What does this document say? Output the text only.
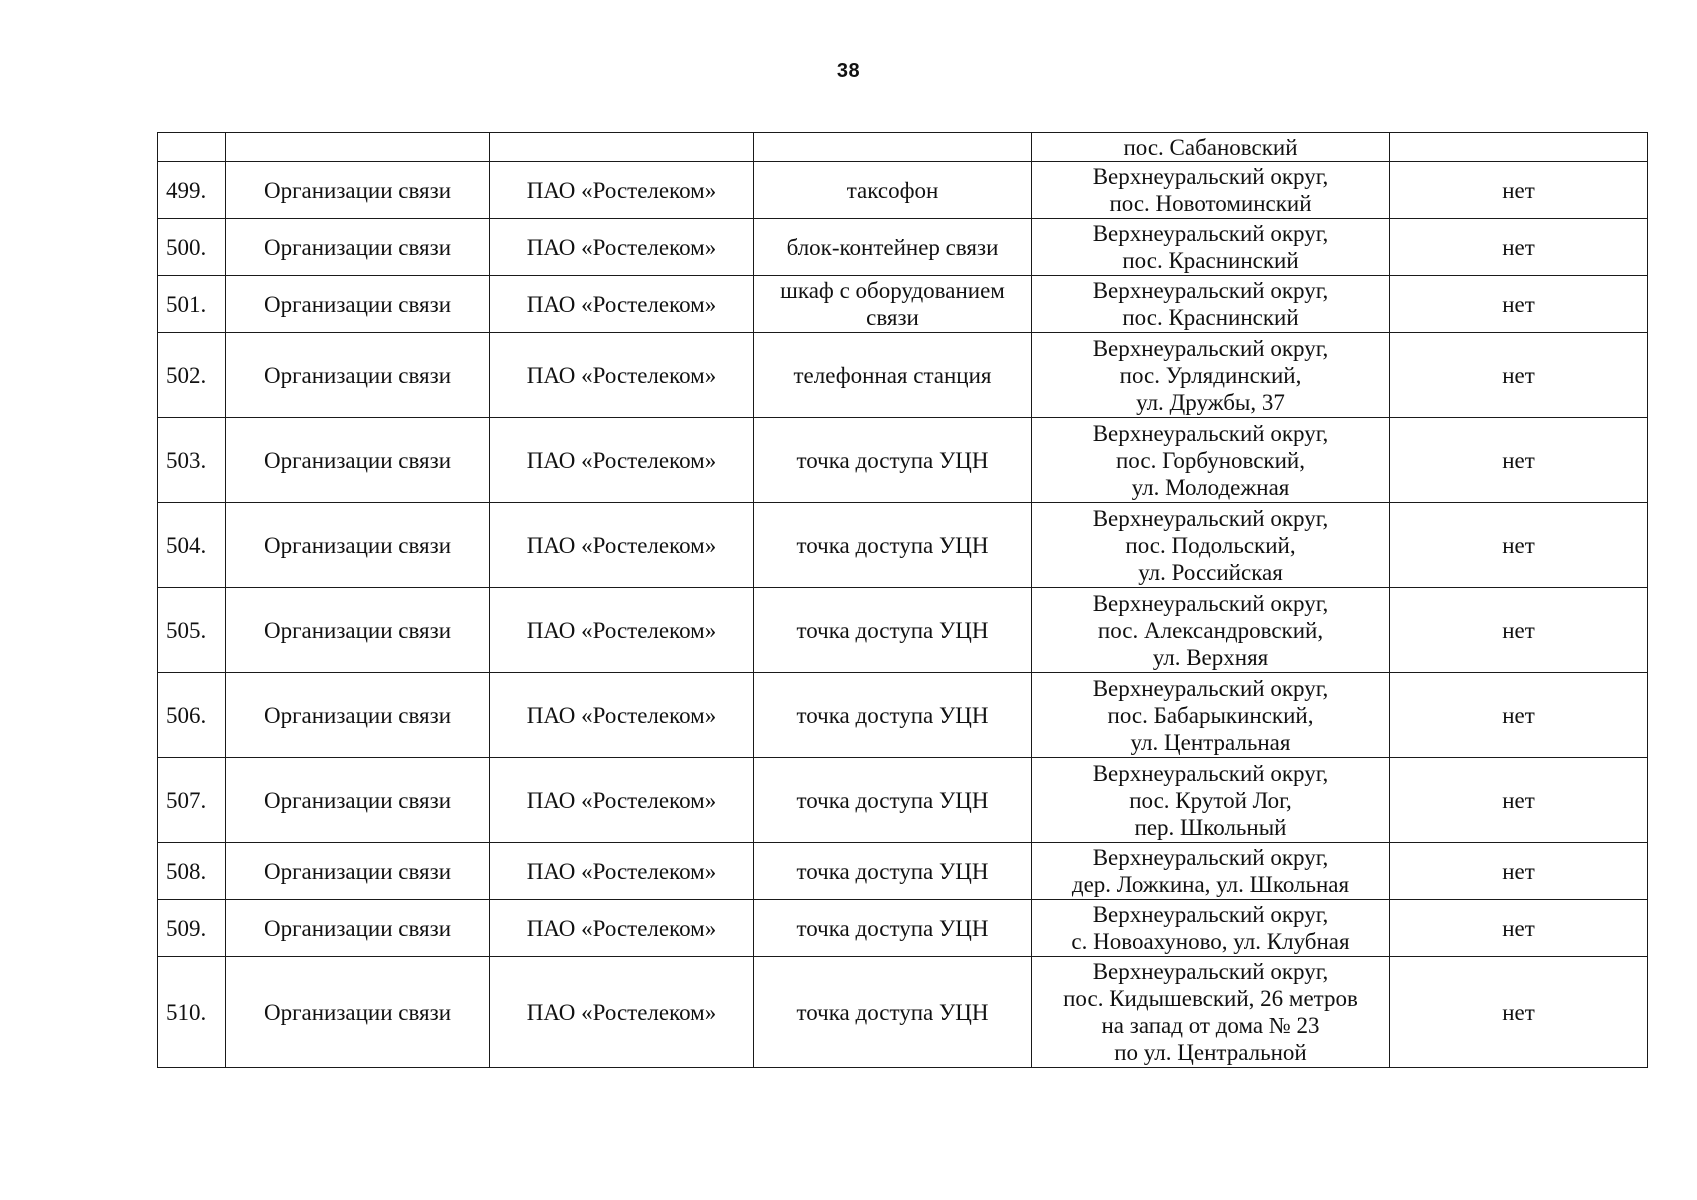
38

				пос. Сабановский	

499.	Организации связи	ПАО «Ростелеком»	таксофон	Верхнеуральский округ,
пос. Новотоминский	нет
500.	Организации связи	ПАО «Ростелеком»	блок-контейнер связи	Верхнеуральский округ,
пос. Краснинский	нет
501.	Организации связи	ПАО «Ростелеком»	шкаф с оборудованием связи	Верхнеуральский округ,
пос. Краснинский	нет
502.	Организации связи	ПАО «Ростелеком»	телефонная станция	Верхнеуральский округ,
пос. Урлядинский,
ул. Дружбы, 37	нет
503.	Организации связи	ПАО «Ростелеком»	точка доступа УЦН	Верхнеуральский округ,
пос. Горбуновский,
ул. Молодежная	нет
504.	Организации связи	ПАО «Ростелеком»	точка доступа УЦН	Верхнеуральский округ,
пос. Подольский,
ул. Российская	нет
505.	Организации связи	ПАО «Ростелеком»	точка доступа УЦН	Верхнеуральский округ,
пос. Александровский,
ул. Верхняя	нет
506.	Организации связи	ПАО «Ростелеком»	точка доступа УЦН	Верхнеуральский округ,
пос. Бабарыкинский,
ул. Центральная	нет
507.	Организации связи	ПАО «Ростелеком»	точка доступа УЦН	Верхнеуральский округ,
пос. Крутой Лог,
пер. Школьный	нет
508.	Организации связи	ПАО «Ростелеком»	точка доступа УЦН	Верхнеуральский округ,
дер. Ложкина, ул. Школьная	нет
509.	Организации связи	ПАО «Ростелеком»	точка доступа УЦН	Верхнеуральский округ,
с. Новоахуново, ул. Клубная	нет
510.	Организации связи	ПАО «Ростелеком»	точка доступа УЦН	Верхнеуральский округ,
пос. Кидышевский, 26 метров
на запад от дома № 23
по ул. Центральной	нет
